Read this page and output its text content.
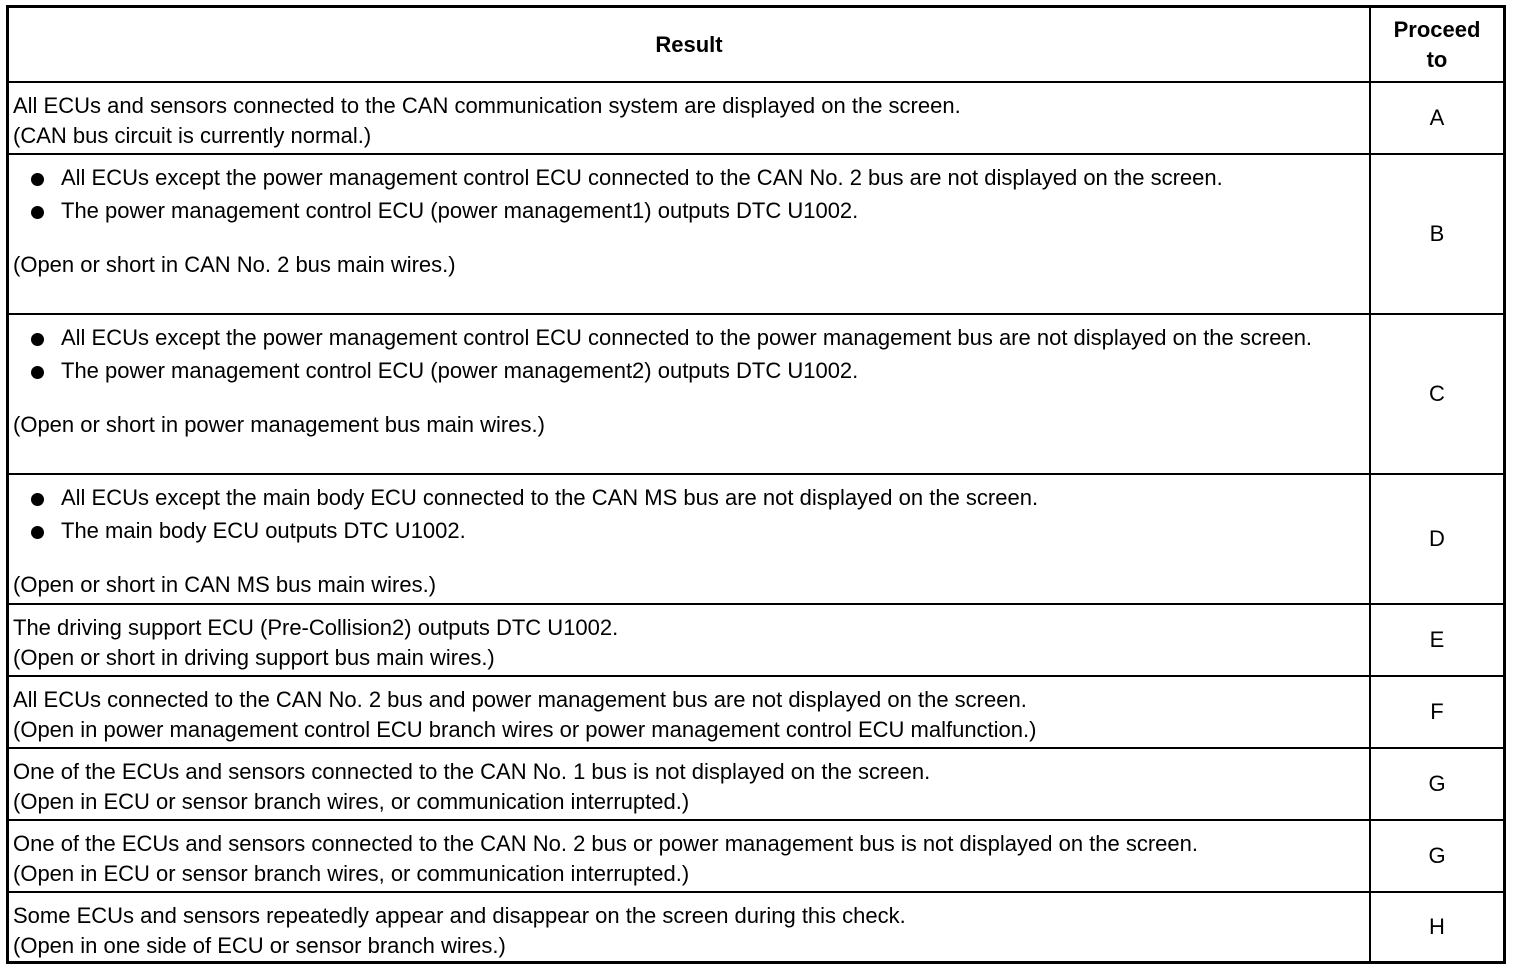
Result
Proceed
to
All ECUs and sensors connected to the CAN communication system are displayed on the screen.
(CAN bus circuit is currently normal.)
A
All ECUs except the power management control ECU connected to the CAN No. 2 bus are not displayed on the screen.
The power management control ECU (power management1) outputs DTC U1002.
(Open or short in CAN No. 2 bus main wires.)
B
All ECUs except the power management control ECU connected to the power management bus are not displayed on the screen.
The power management control ECU (power management2) outputs DTC U1002.
(Open or short in power management bus main wires.)
C
All ECUs except the main body ECU connected to the CAN MS bus are not displayed on the screen.
The main body ECU outputs DTC U1002.
(Open or short in CAN MS bus main wires.)
D
The driving support ECU (Pre-Collision2) outputs DTC U1002.
(Open or short in driving support bus main wires.)
E
All ECUs connected to the CAN No. 2 bus and power management bus are not displayed on the screen.
(Open in power management control ECU branch wires or power management control ECU malfunction.)
F
One of the ECUs and sensors connected to the CAN No. 1 bus is not displayed on the screen.
(Open in ECU or sensor branch wires, or communication interrupted.)
G
One of the ECUs and sensors connected to the CAN No. 2 bus or power management bus is not displayed on the screen.
(Open in ECU or sensor branch wires, or communication interrupted.)
G
Some ECUs and sensors repeatedly appear and disappear on the screen during this check.
(Open in one side of ECU or sensor branch wires.)
H
